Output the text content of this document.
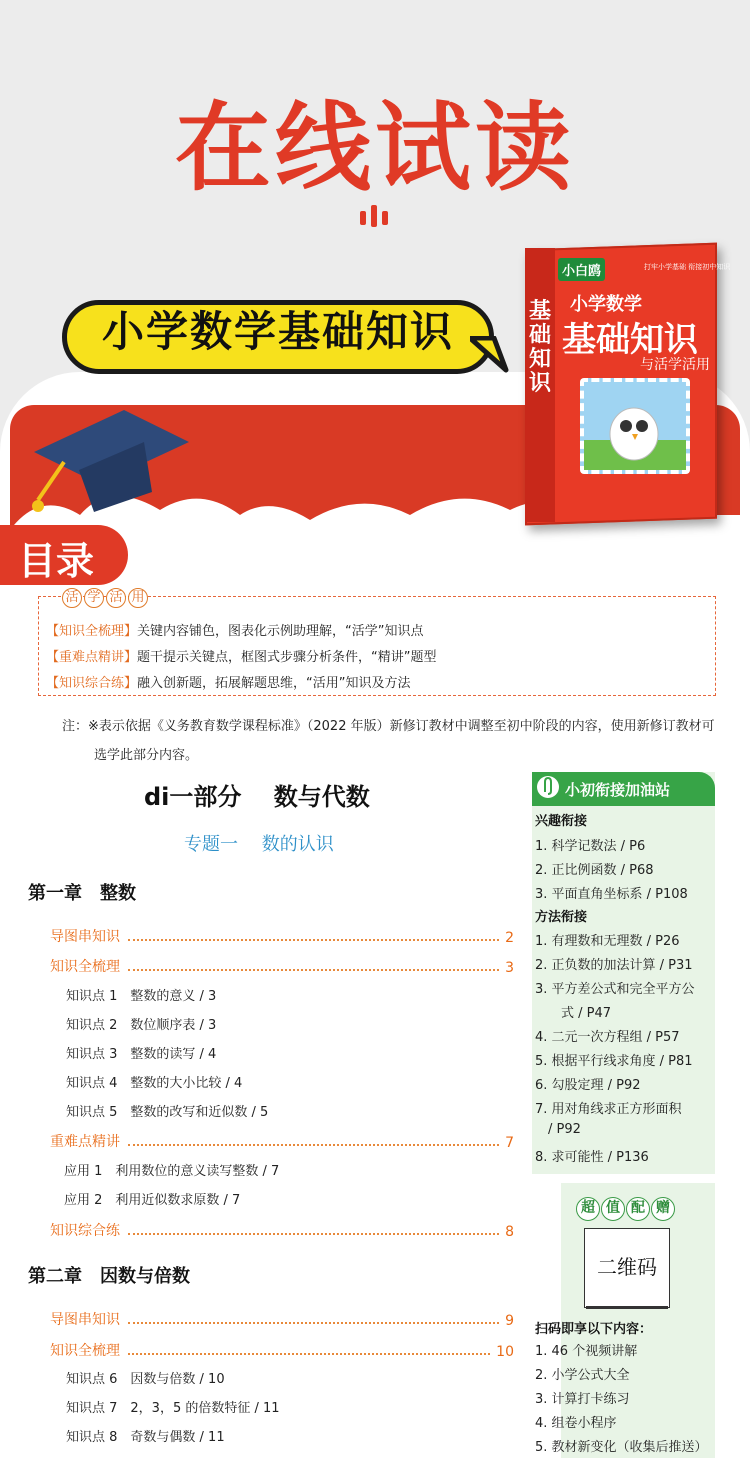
在线试读
小学数学基础知识	基础知识
小白鸥	打牢小学基础 衔接初中知识
小学数学
基础知识
与活学活用
目录
活 学 活 用
【知识全梳理】关键内容铺色，图表化示例助理解，“活学”知识点
【重难点精讲】题干提示关键点，框图式步骤分析条件，“精讲”题型
【知识综合练】融入创新题，拓展解题思维，“活用”知识及方法
注：※表示依据《义务教育数学课程标准》（2022 年版）新修订教材中调整至初中阶段的内容，使用新修订教材可选学此部分内容。
di一部分　 数与代数
专题一　 数的认识
第一章　整数
导图串知识	2
知识全梳理	3
知识点 1　整数的意义 / 3
知识点 2　数位顺序表 / 3
知识点 3　整数的读写 / 4
知识点 4　整数的大小比较 / 4
知识点 5　整数的改写和近似数 / 5
重难点精讲	7
应用 1　利用数位的意义读写整数 / 7
应用 2　利用近似数求原数 / 7
知识综合练	8
第二章　因数与倍数
导图串知识	9
知识全梳理	10
知识点 6　因数与倍数 / 10
知识点 7　2，3，5 的倍数特征 / 11
知识点 8　奇数与偶数 / 11
小初衔接加油站
兴趣衔接
1. 科学记数法 / P6
2. 正比例函数 / P68
3. 平面直角坐标系 / P108
方法衔接
1. 有理数和无理数 / P26
2. 正负数的加法计算 / P31
3. 平方差公式和完全平方公
式 / P47
4. 二元一次方程组 / P57
5. 根据平行线求角度 / P81
6. 勾股定理 / P92
7. 用对角线求正方形面积
/ P92
8. 求可能性 / P136
超 值 配 赠
二维码
扫码即享以下内容：
1. 46 个视频讲解
2. 小学公式大全
3. 计算打卡练习
4. 组卷小程序
5. 教材新变化（收集后推送）
